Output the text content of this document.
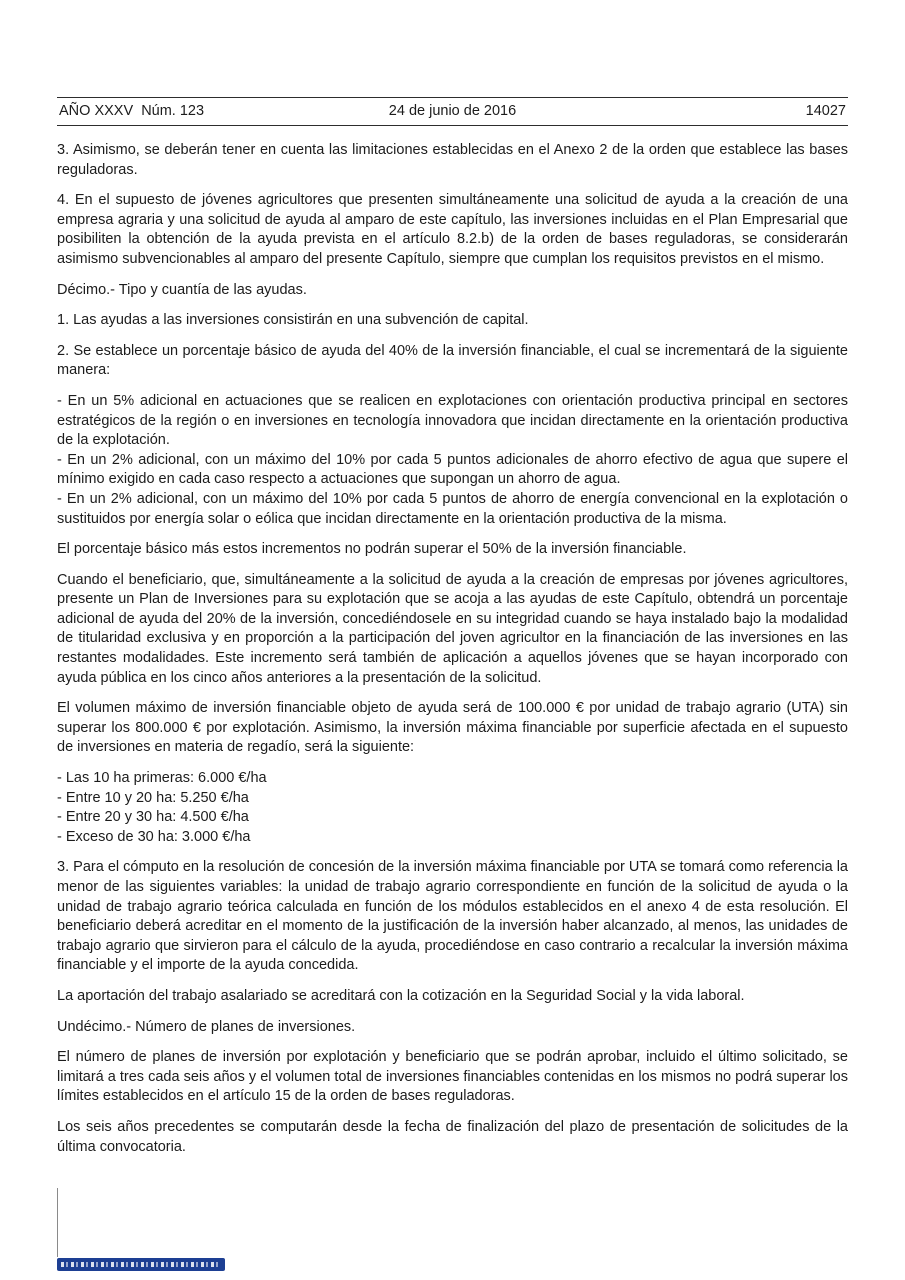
AÑO XXXV  Núm. 123	24 de junio de 2016	14027

3. Asimismo, se deberán tener en cuenta las limitaciones establecidas en el Anexo 2 de la orden que establece las bases reguladoras.

4. En el supuesto de jóvenes agricultores que presenten simultáneamente una solicitud de ayuda a la creación de una empresa agraria y una solicitud de ayuda al amparo de este capítulo, las inversiones incluidas en el Plan Empresarial que posibiliten la obtención de la ayuda prevista en el artículo 8.2.b) de la orden de bases reguladoras, se considerarán asimismo subvencionables al amparo del presente Capítulo, siempre que cumplan los requisitos previstos en el mismo.

Décimo.- Tipo y cuantía de las ayudas.

1. Las ayudas a las inversiones consistirán en una subvención de capital.

2. Se establece un porcentaje básico de ayuda del 40% de la inversión financiable, el cual se incrementará de la siguiente manera:

- En un 5% adicional en actuaciones que se realicen en explotaciones con orientación productiva principal en sectores estratégicos de la región o en inversiones en tecnología innovadora que incidan directamente en la orientación productiva de la explotación.

- En un 2% adicional, con un máximo del 10% por cada 5 puntos adicionales de ahorro efectivo de agua que supere el mínimo exigido en cada caso respecto a actuaciones que supongan un ahorro de agua.

- En un 2% adicional, con un máximo del 10% por cada 5 puntos de ahorro de energía convencional en la explotación o sustituidos por energía solar o eólica que incidan directamente en la orientación productiva de la misma.

El porcentaje básico más estos incrementos no podrán superar el 50% de la inversión financiable.

Cuando el beneficiario, que, simultáneamente a la solicitud de ayuda a la creación de empresas por jóvenes agricultores, presente un Plan de Inversiones para su explotación que se acoja a las ayudas de este Capítulo, obtendrá un porcentaje adicional de ayuda del 20% de la inversión, concediéndosele en su integridad cuando se haya instalado bajo la modalidad de titularidad exclusiva y en proporción a la participación del joven agricultor en la financiación de las inversiones en las restantes modalidades. Este incremento será también de aplicación a aquellos jóvenes que se hayan incorporado con ayuda pública en los cinco años anteriores a la presentación de la solicitud.

El volumen máximo de inversión financiable objeto de ayuda será de 100.000 € por unidad de trabajo agrario (UTA) sin superar los 800.000 € por explotación. Asimismo, la inversión máxima financiable por superficie afectada en el supuesto de inversiones en materia de regadío, será la siguiente:

- Las 10 ha primeras: 6.000 €/ha

- Entre 10 y 20 ha: 5.250 €/ha

- Entre 20 y 30 ha: 4.500 €/ha

- Exceso de 30 ha: 3.000 €/ha

3. Para el cómputo en la resolución de concesión de la inversión máxima financiable por UTA se tomará como referencia la menor de las siguientes variables: la unidad de trabajo agrario correspondiente en función de la solicitud de ayuda o la unidad de trabajo agrario teórica calculada en función de los módulos establecidos en el anexo 4 de esta resolución. El beneficiario deberá acreditar en el momento de la justificación de la inversión haber alcanzado, al menos, las unidades de trabajo agrario que sirvieron para el cálculo de la ayuda, procediéndose en caso contrario a recalcular la inversión máxima financiable y el importe de la ayuda concedida.

La aportación del trabajo asalariado se acreditará con la cotización en la Seguridad Social y la vida laboral.

Undécimo.- Número de planes de inversiones.

El número de planes de inversión por explotación y beneficiario que se podrán aprobar, incluido el último solicitado, se limitará a tres cada seis años y el volumen total de inversiones financiables contenidas en los mismos no podrá superar los límites establecidos en el artículo 15 de la orden de bases reguladoras.

Los seis años precedentes se computarán desde la fecha de finalización del plazo de presentación de solicitudes de la última convocatoria.
